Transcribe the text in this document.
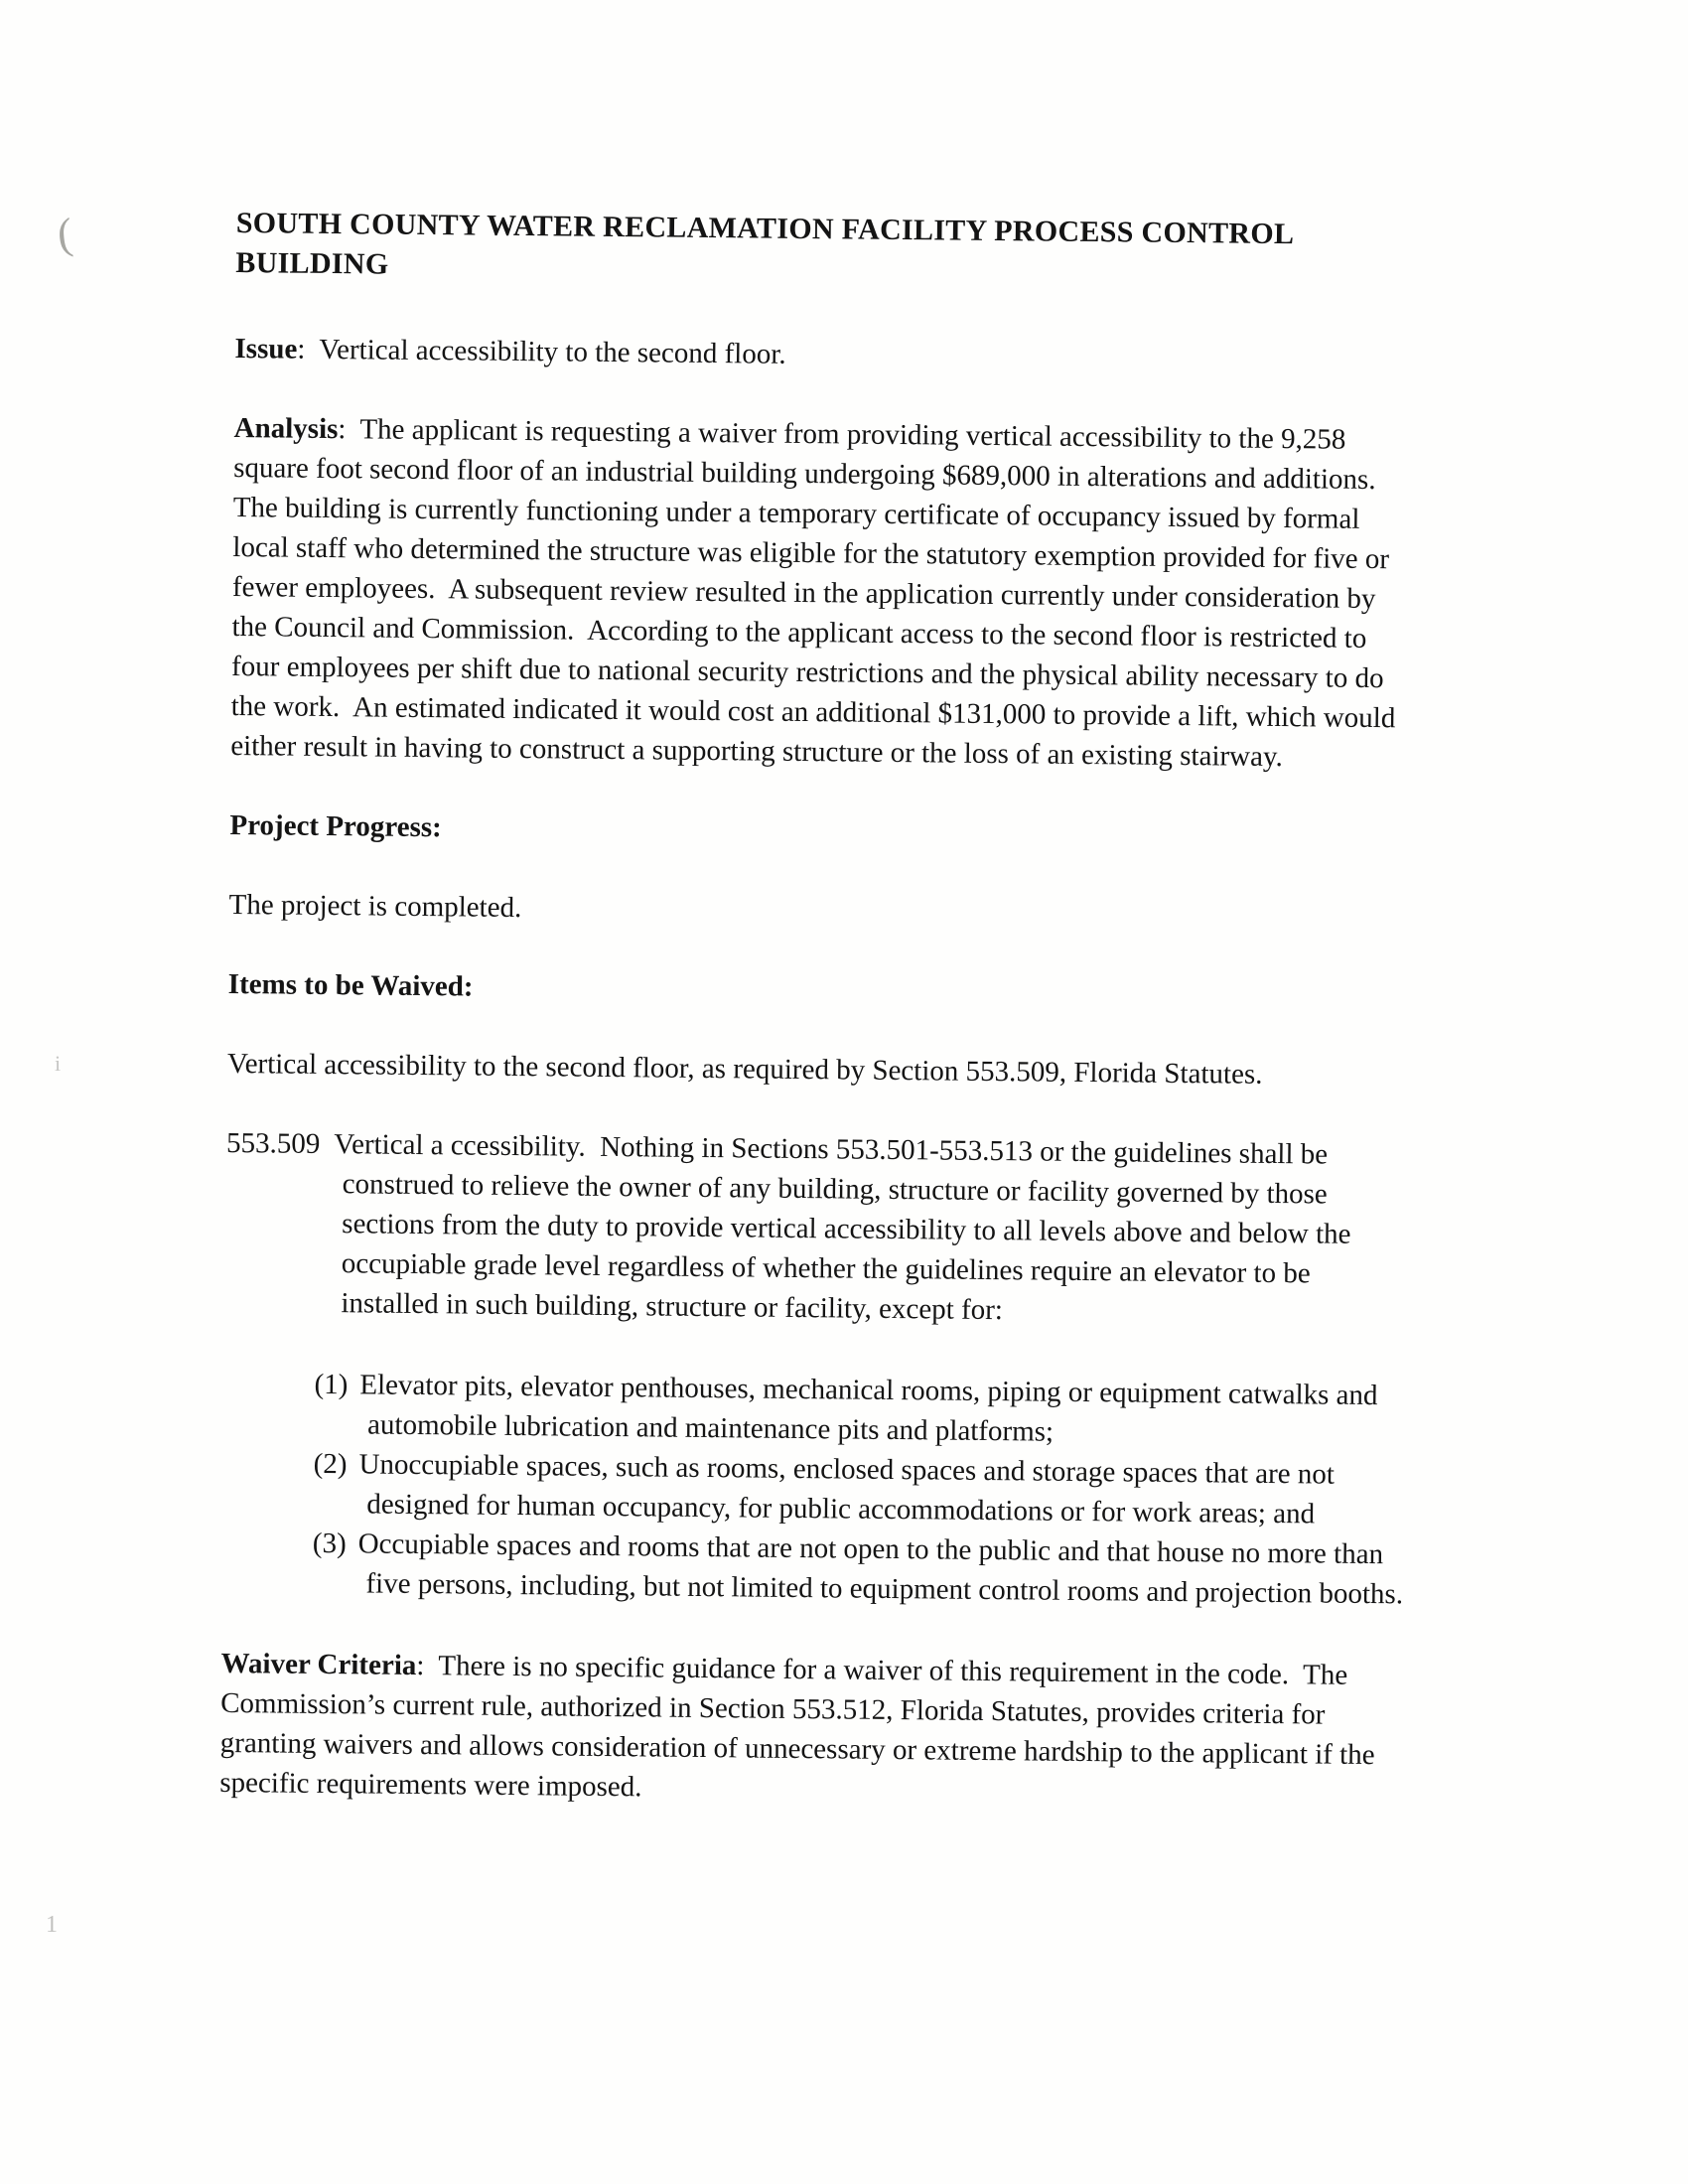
(
i
1
SOUTH COUNTY WATER RECLAMATION FACILITY PROCESS CONTROL BUILDING

Issue:  Vertical accessibility to the second floor.

Analysis:  The applicant is requesting a waiver from providing vertical accessibility to the 9,258 square foot second floor of an industrial building undergoing $689,000 in alterations and additions.  The building is currently functioning under a temporary certificate of occupancy issued by formal local staff who determined the structure was eligible for the statutory exemption provided for five or fewer employees.  A subsequent review resulted in the application currently under consideration by the Council and Commission.  According to the applicant access to the second floor is restricted to four employees per shift due to national security restrictions and the physical ability necessary to do the work.  An estimated indicated it would cost an additional $131,000 to provide a lift, which would either result in having to construct a supporting structure or the loss of an existing stairway.

Project Progress:

The project is completed.

Items to be Waived:

Vertical accessibility to the second floor, as required by Section 553.509, Florida Statutes.

553.509 Vertical a ccessibility.  Nothing in Sections 553.501-553.513 or the guidelines shall be construed to relieve the owner of any building, structure or facility governed by those sections from the duty to provide vertical accessibility to all levels above and below the occupiable grade level regardless of whether the guidelines require an elevator to be installed in such building, structure or facility, except for:

(1) Elevator pits, elevator penthouses, mechanical rooms, piping or equipment catwalks and automobile lubrication and maintenance pits and platforms;

(2) Unoccupiable spaces, such as rooms, enclosed spaces and storage spaces that are not designed for human occupancy, for public accommodations or for work areas; and

(3) Occupiable spaces and rooms that are not open to the public and that house no more than five persons, including, but not limited to equipment control rooms and projection booths.

Waiver Criteria:  There is no specific guidance for a waiver of this requirement in the code.  The Commission’s current rule, authorized in Section 553.512, Florida Statutes, provides criteria for granting waivers and allows consideration of unnecessary or extreme hardship to the applicant if the specific requirements were imposed.
